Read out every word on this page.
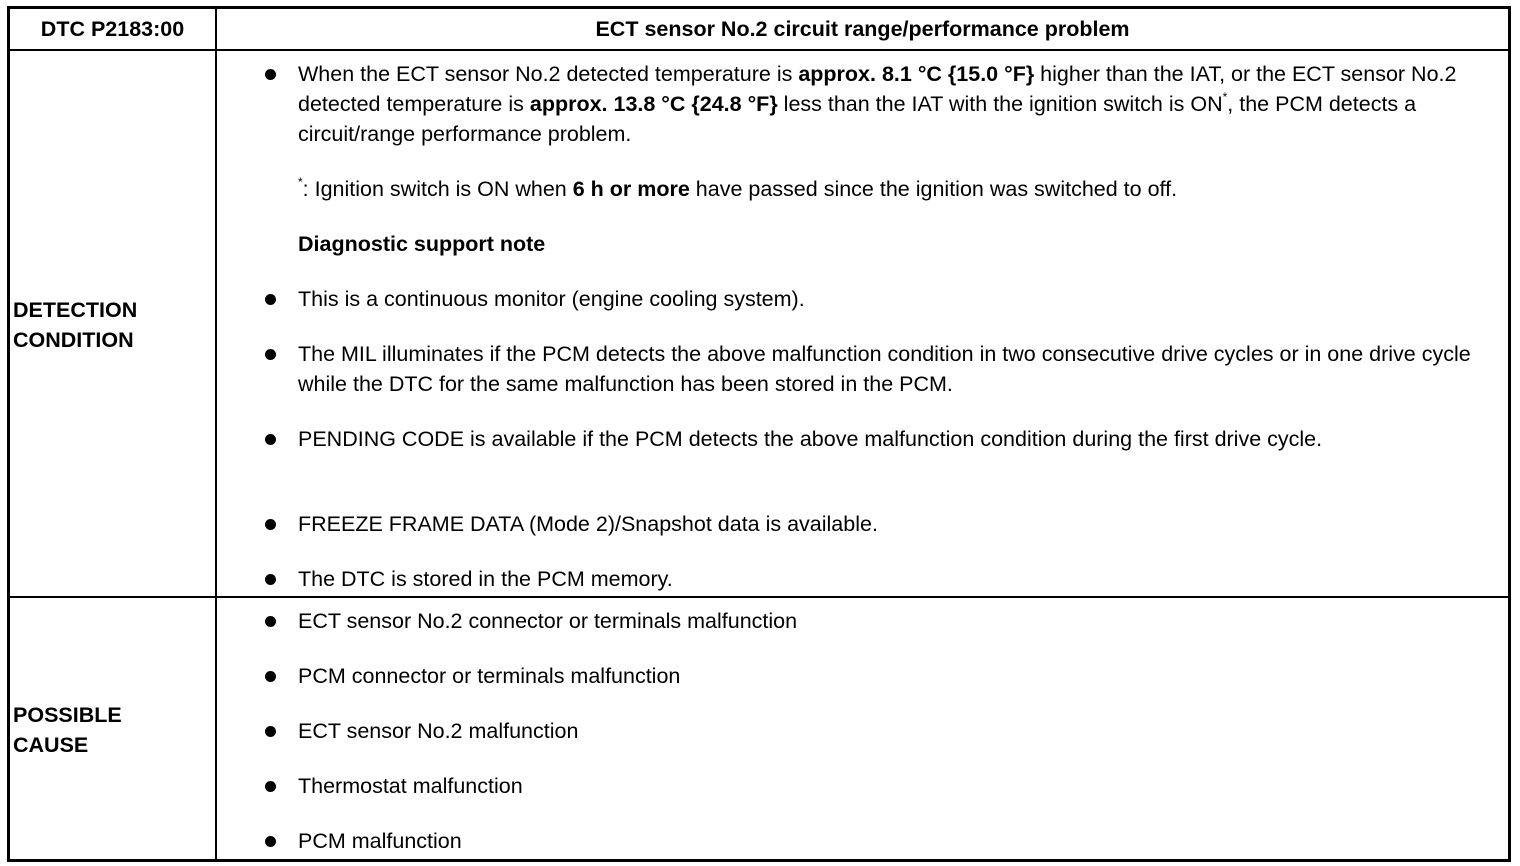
DTC P2183:00	ECT sensor No.2 circuit range/performance problem
DETECTION
CONDITION
When the ECT sensor No.2 detected temperature is approx. 8.1 °C {15.0 °F} higher than the IAT, or the ECT sensor No.2 detected temperature is approx. 13.8 °C {24.8 °F} less than the IAT with the ignition switch is ON*, the PCM detects a circuit/range performance problem.
*: Ignition switch is ON when 6 h or more have passed since the ignition was switched to off.
Diagnostic support note
This is a continuous monitor (engine cooling system).
The MIL illuminates if the PCM detects the above malfunction condition in two consecutive drive cycles or in one drive cycle while the DTC for the same malfunction has been stored in the PCM.
PENDING CODE is available if the PCM detects the above malfunction condition during the first drive cycle.
FREEZE FRAME DATA (Mode 2)/Snapshot data is available.
The DTC is stored in the PCM memory.
POSSIBLE
CAUSE
ECT sensor No.2 connector or terminals malfunction
PCM connector or terminals malfunction
ECT sensor No.2 malfunction
Thermostat malfunction
PCM malfunction
